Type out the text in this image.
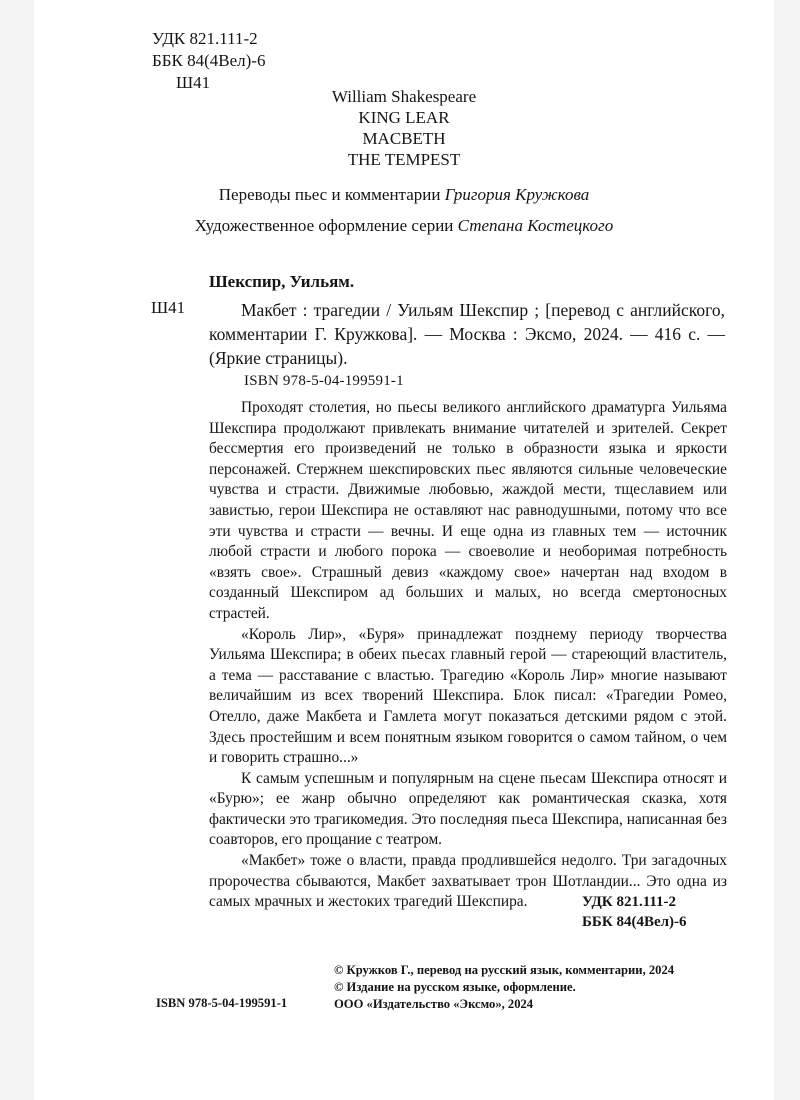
УДК 821.111-2
ББК 84(4Вел)-6
Ш41
William Shakespeare
KING LEAR
MACBETH
THE TEMPEST
Переводы пьес и комментарии Григория Кружкова
Художественное оформление серии Степана Костецкого
Шекспир, Уильям.
Ш41	Макбет : трагедии / Уильям Шекспир ; [перевод с английского, комментарии Г. Кружкова]. — Москва : Эксмо, 2024. — 416 с. — (Яркие страницы).
ISBN 978-5-04-199591-1

Проходят столетия, но пьесы великого английского драматурга Уильяма Шекспира продолжают привлекать внимание читателей и зрителей. Секрет бессмертия его произведений не только в образности языка и яркости персонажей. Стержнем шекспировских пьес являются сильные человеческие чувства и страсти. Движимые любовью, жаждой мести, тщеславием или завистью, герои Шекспира не оставляют нас равнодушными, потому что все эти чувства и страсти — вечны. И еще одна из главных тем — источник любой страсти и любого порока — своеволие и необоримая потребность «взять свое». Страшный девиз «каждому свое» начертан над входом в созданный Шекспиром ад больших и малых, но всегда смертоносных страстей.

«Король Лир», «Буря» принадлежат позднему периоду творчества Уильяма Шекспира; в обеих пьесах главный герой — стареющий властитель, а тема — расставание с властью. Трагедию «Король Лир» многие называют величайшим из всех творений Шекспира. Блок писал: «Трагедии Ромео, Отелло, даже Макбета и Гамлета могут показаться детскими рядом с этой. Здесь простейшим и всем понятным языком говорится о самом тайном, о чем и говорить страшно...»

К самым успешным и популярным на сцене пьесам Шекспира относят и «Бурю»; ее жанр обычно определяют как романтическая сказка, хотя фактически это трагикомедия. Это последняя пьеса Шекспира, написанная без соавторов, его прощание с театром.

«Макбет» тоже о власти, правда продлившейся недолго. Три загадочных пророчества сбываются, Макбет захватывает трон Шотландии... Это одна из самых мрачных и жестоких трагедий Шекспира.	УДК 821.111-2
ББК 84(4Вел)-6
© Кружков Г., перевод на русский язык, комментарии, 2024
© Издание на русском языке, оформление.
ООО «Издательство «Эксмо», 2024
ISBN 978-5-04-199591-1
